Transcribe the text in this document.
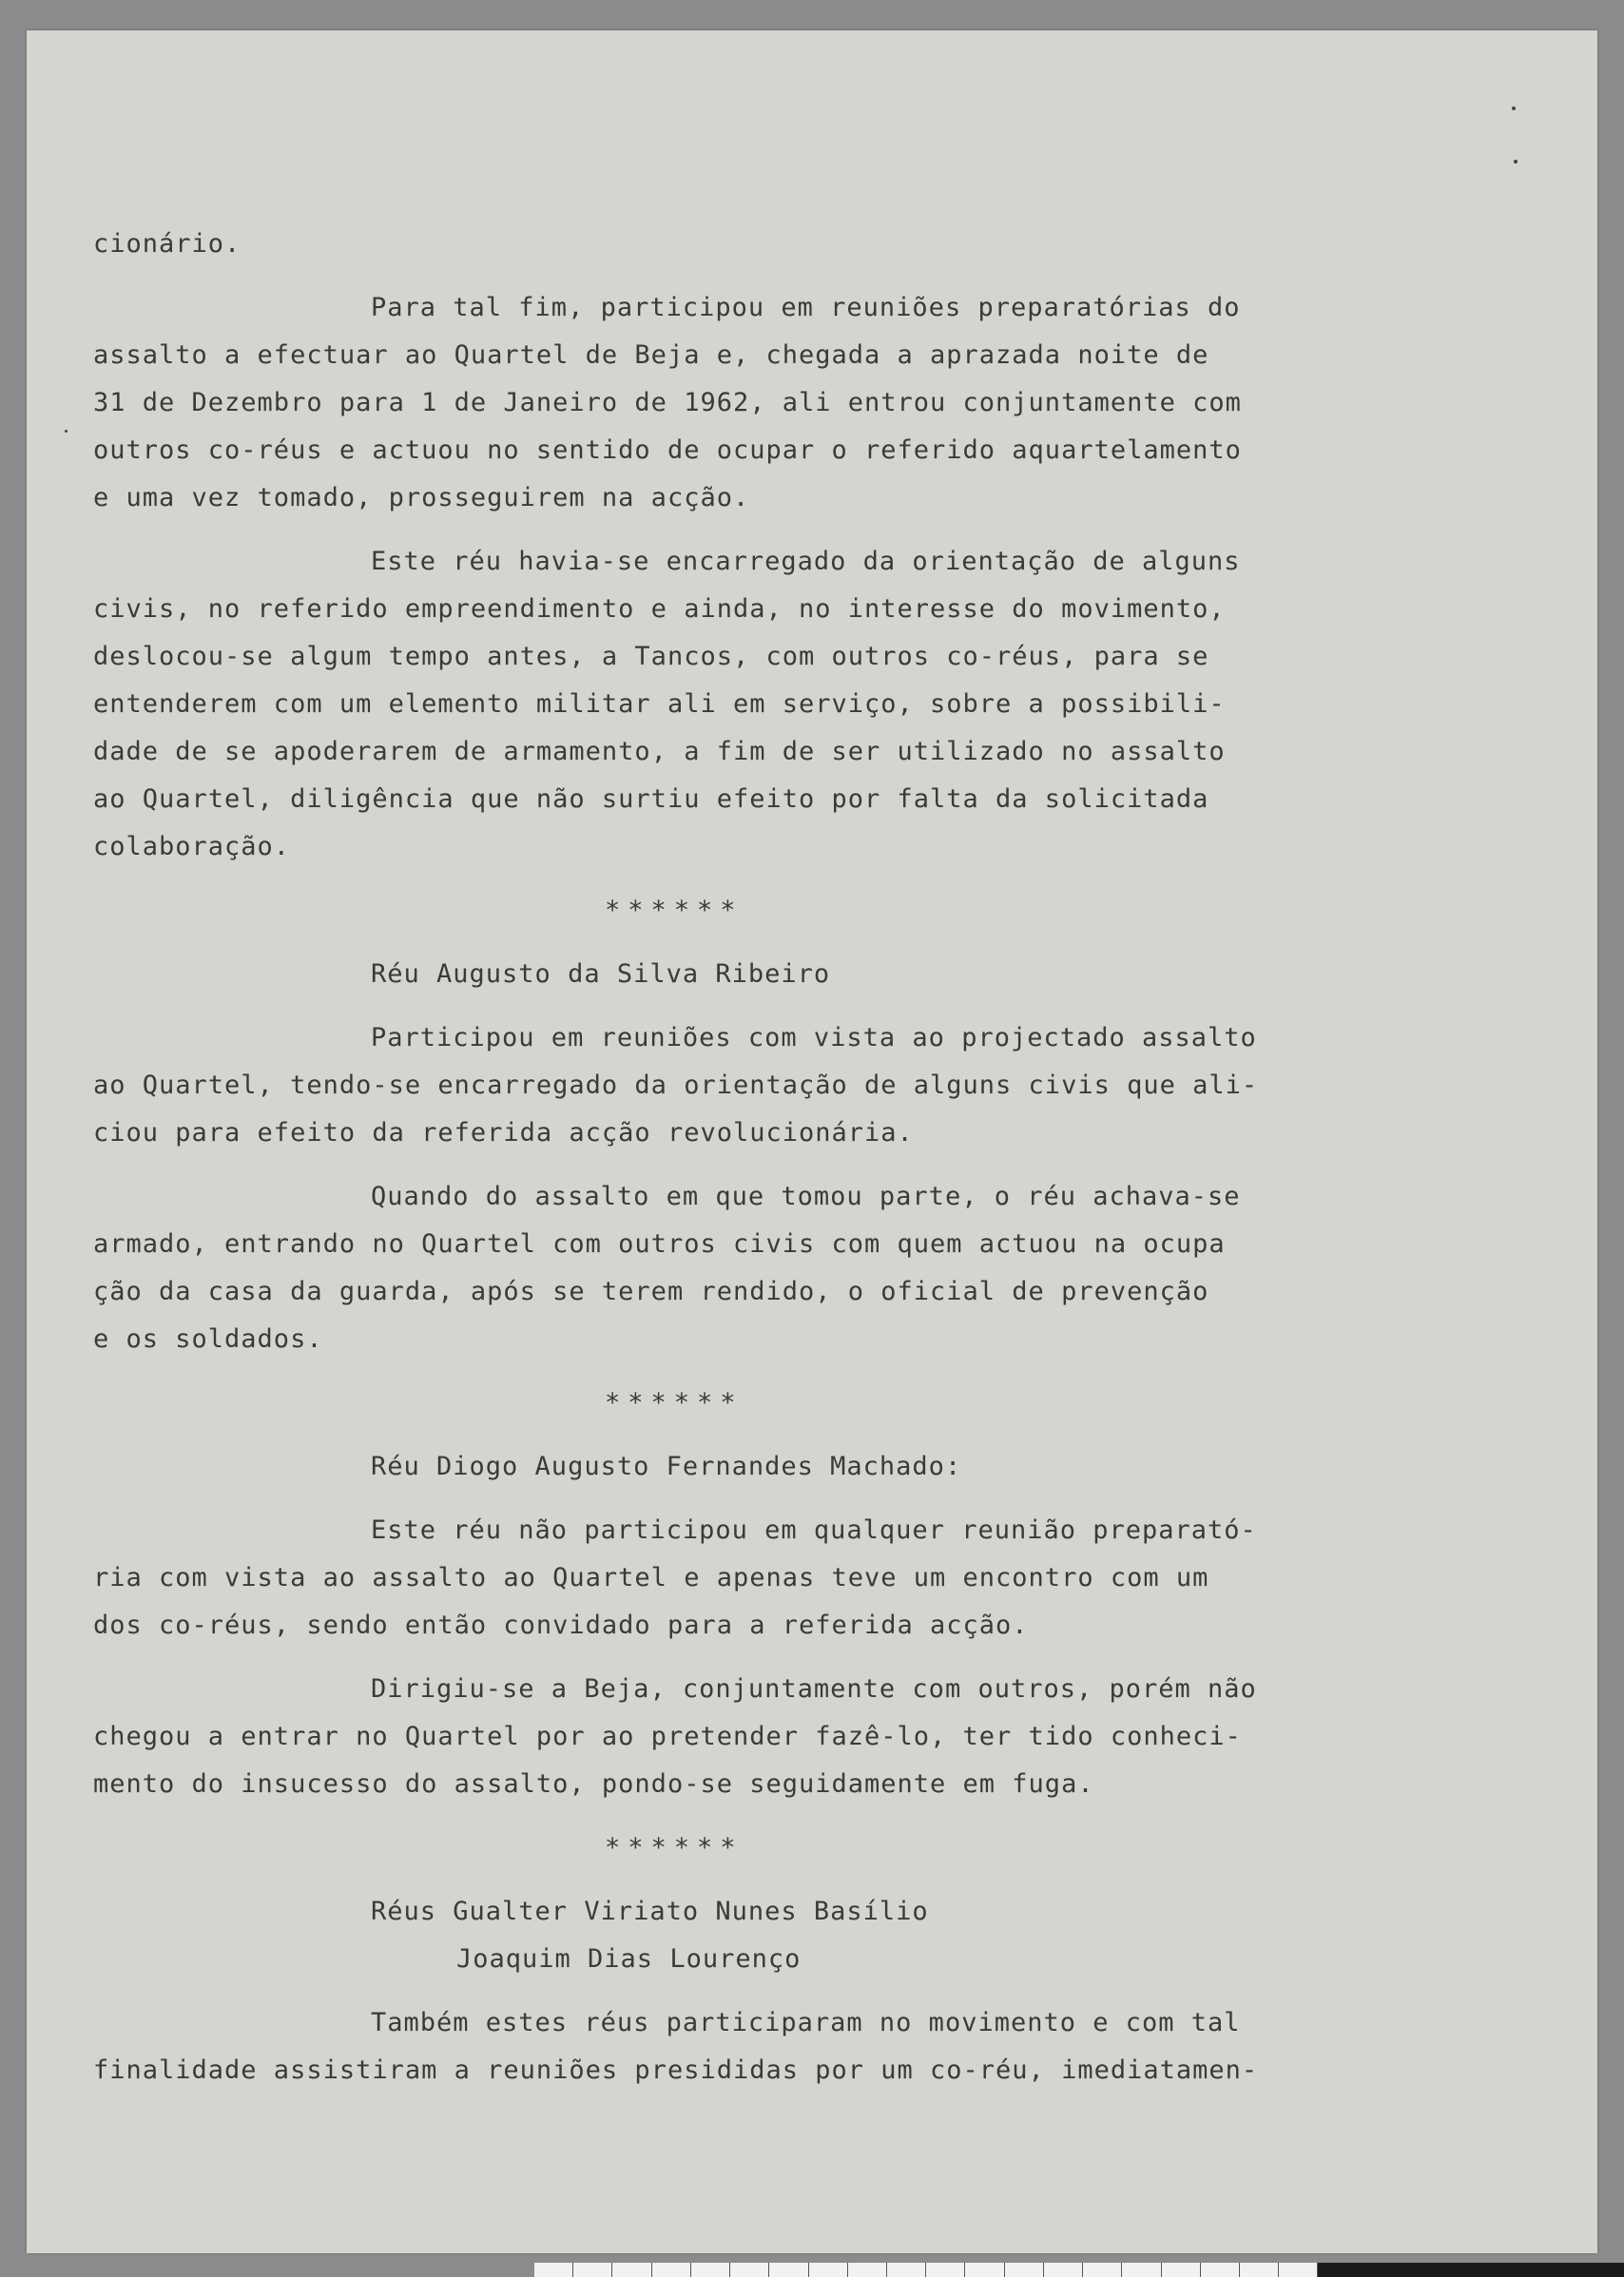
cionário.
Para tal fim, participou em reuniões preparatórias do
assalto a efectuar ao Quartel de Beja e, chegada a aprazada noite de
31 de Dezembro para 1 de Janeiro de 1962, ali entrou conjuntamente com
outros co-réus e actuou no sentido de ocupar o referido aquartelamento
e uma vez tomado, prosseguirem na acção.
Este réu havia-se encarregado da orientação de alguns
civis, no referido empreendimento e ainda, no interesse do movimento,
deslocou-se algum tempo antes, a Tancos, com outros co-réus, para se
entenderem com um elemento militar ali em serviço, sobre a possibili-
dade de se apoderarem de armamento, a fim de ser utilizado no assalto
ao Quartel, diligência que não surtiu efeito por falta da solicitada
colaboração.
******
Réu Augusto da Silva Ribeiro
Participou em reuniões com vista ao projectado assalto
ao Quartel, tendo-se encarregado da orientação de alguns civis que ali-
ciou para efeito da referida acção revolucionária.
Quando do assalto em que tomou parte, o réu achava-se
armado, entrando no Quartel com outros civis com quem actuou na ocupa
ção da casa da guarda, após se terem rendido, o oficial de prevenção
e os soldados.
******
Réu Diogo Augusto Fernandes Machado:
Este réu não participou em qualquer reunião preparató-
ria com vista ao assalto ao Quartel e apenas teve um encontro com um
dos co-réus, sendo então convidado para a referida acção.
Dirigiu-se a Beja, conjuntamente com outros, porém não
chegou a entrar no Quartel por ao pretender fazê-lo, ter tido conheci-
mento do insucesso do assalto, pondo-se seguidamente em fuga.
******
Réus Gualter Viriato Nunes Basílio
Joaquim Dias Lourenço
Também estes réus participaram no movimento e com tal
finalidade assistiram a reuniões presididas por um co-réu, imediatamen-
